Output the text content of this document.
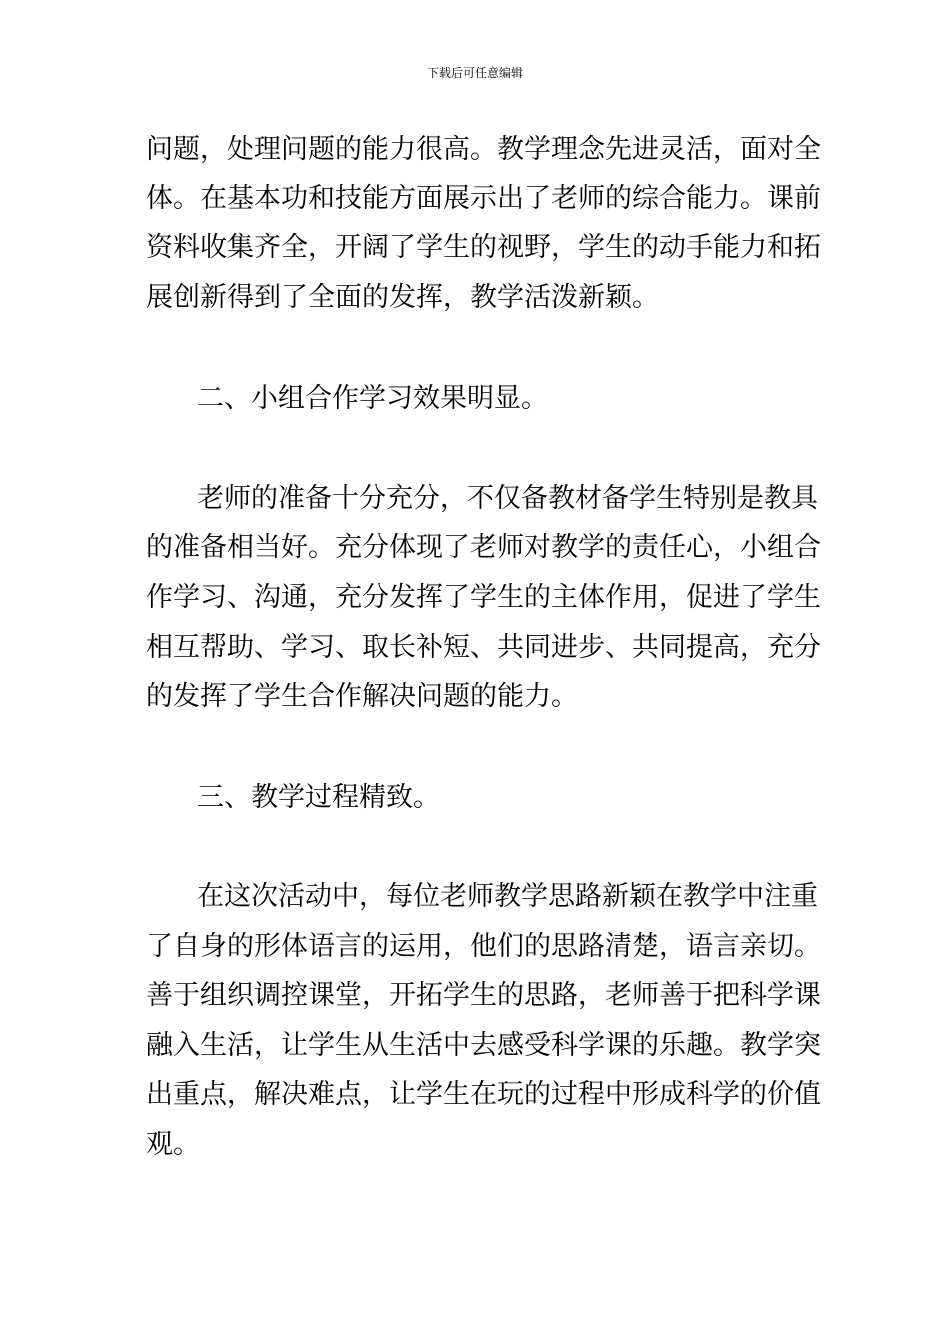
下载后可任意编辑
问题，处理问题的能力很高。教学理念先进灵活，面对全
体。在基本功和技能方面展示出了老师的综合能力。课前
资料收集齐全，开阔了学生的视野，学生的动手能力和拓
展创新得到了全面的发挥，教学活泼新颖。
二、小组合作学习效果明显。
老师的准备十分充分，不仅备教材备学生特别是教具
的准备相当好。充分体现了老师对教学的责任心，小组合
作学习、沟通，充分发挥了学生的主体作用，促进了学生
相互帮助、学习、取长补短、共同进步、共同提高，充分
的发挥了学生合作解决问题的能力。
三、教学过程精致。
在这次活动中，每位老师教学思路新颖在教学中注重
了自身的形体语言的运用，他们的思路清楚，语言亲切。
善于组织调控课堂，开拓学生的思路，老师善于把科学课
融入生活，让学生从生活中去感受科学课的乐趣。教学突
出重点，解决难点，让学生在玩的过程中形成科学的价值
观。
